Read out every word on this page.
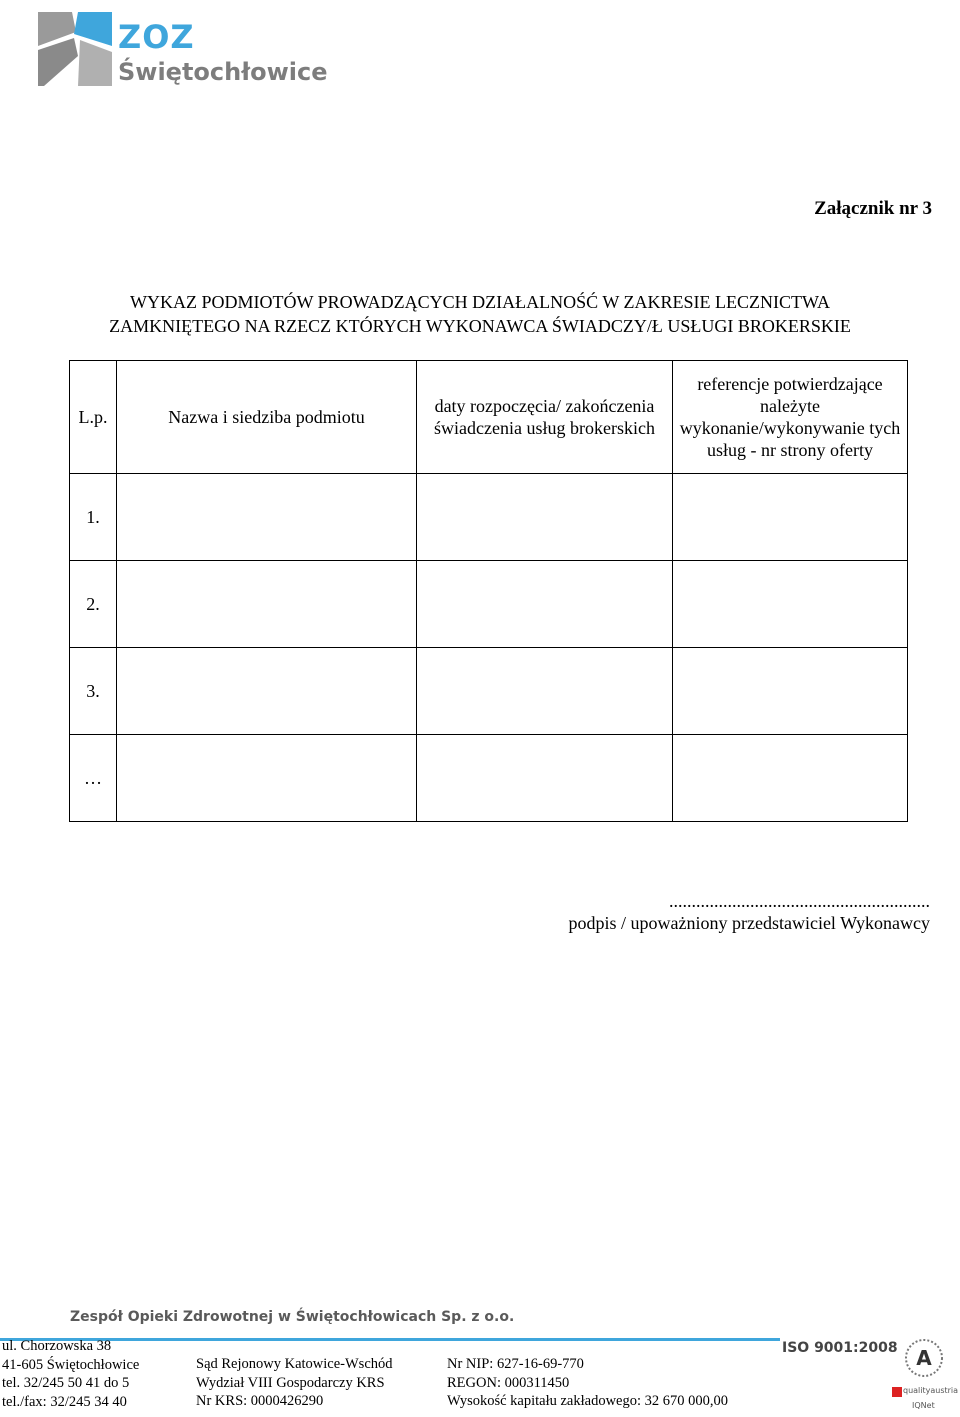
ZOZ
Świętochłowice
Załącznik nr 3
WYKAZ PODMIOTÓW PROWADZĄCYCH DZIAŁALNOŚĆ W ZAKRESIE LECZNICTWA
ZAMKNIĘTEGO NA RZECZ KTÓRYCH WYKONAWCA ŚWIADCZY/Ł USŁUGI BROKERSKIE
L.p.	Nazwa i siedziba podmiotu	daty rozpoczęcia/ zakończenia świadczenia usług brokerskich	referencje potwierdzające należyte wykonanie/wykonywanie tych usług - nr strony oferty
1.			
2.			
3.			
…			
..........................................................
podpis / upoważniony przedstawiciel Wykonawcy
Zespół Opieki Zdrowotnej w Świętochłowicach Sp. z o.o.
ul. Chorzowska 38
41-605 Świętochłowice
tel. 32/245 50 41 do 5
tel./fax: 32/245 34 40
Sąd Rejonowy Katowice-Wschód
Wydział VIII Gospodarczy KRS
Nr KRS: 0000426290
Nr NIP: 627-16-69-770
REGON: 000311450
Wysokość kapitału zakładowego: 32 670 000,00
ISO 9001:2008 A
qualityaustria
IQNet
